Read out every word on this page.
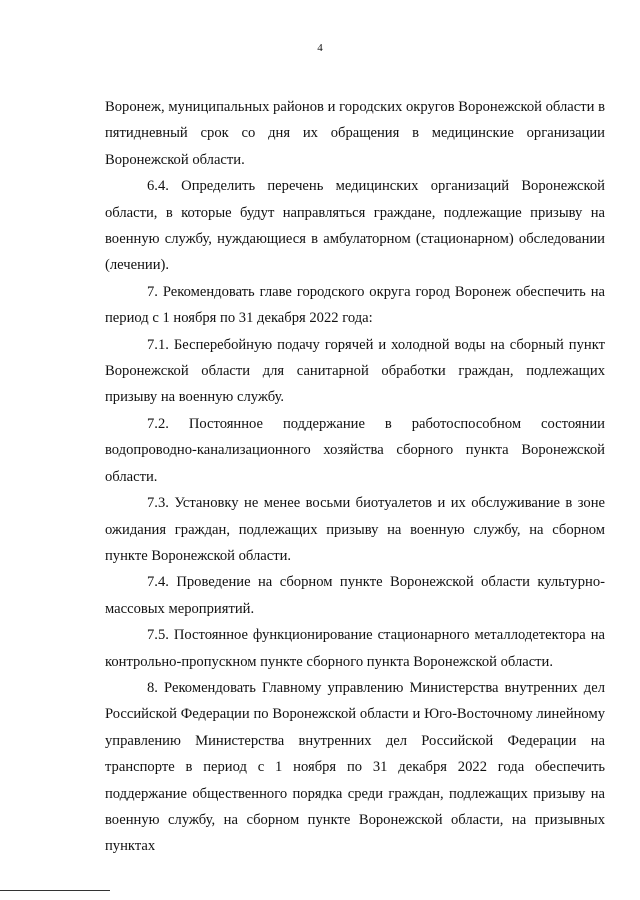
4

Воронеж, муниципальных районов и городских округов Воронежской области в пятидневный срок со дня их обращения в медицинские организации Воронежской области.

6.4. Определить перечень медицинских организаций Воронежской области, в которые будут направляться граждане, подлежащие призыву на военную службу, нуждающиеся в амбулаторном (стационарном) обследовании (лечении).

7. Рекомендовать главе городского округа город Воронеж обеспечить на период с 1 ноября по 31 декабря 2022 года:

7.1. Бесперебойную подачу горячей и холодной воды на сборный пункт Воронежской области для санитарной обработки граждан, подлежащих призыву на военную службу.

7.2. Постоянное поддержание в работоспособном состоянии водопроводно-канализационного хозяйства сборного пункта Воронежской области.

7.3. Установку не менее восьми биотуалетов и их обслуживание в зоне ожидания граждан, подлежащих призыву на военную службу, на сборном пункте Воронежской области.

7.4. Проведение на сборном пункте Воронежской области культурно-массовых мероприятий.

7.5. Постоянное функционирование стационарного металлодетектора на контрольно-пропускном пункте сборного пункта Воронежской области.

8. Рекомендовать Главному управлению Министерства внутренних дел Российской Федерации по Воронежской области и Юго-Восточному линейному управлению Министерства внутренних дел Российской Федерации на транспорте в период с 1 ноября по 31 декабря 2022 года обеспечить поддержание общественного порядка среди граждан, подлежащих призыву на военную службу, на сборном пункте Воронежской области, на призывных пунктах
